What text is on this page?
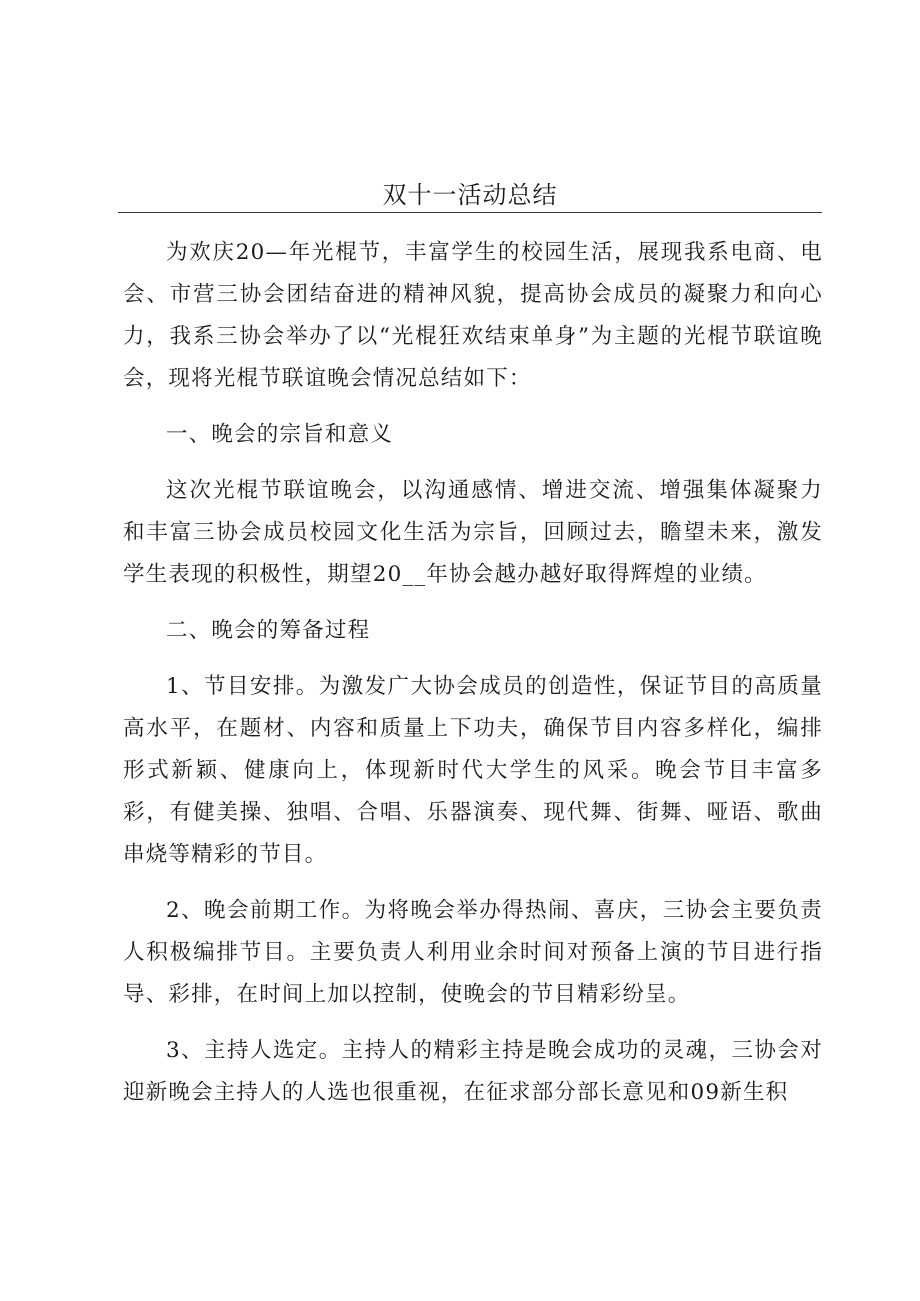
双十一活动总结

为欢庆20—年光棍节，丰富学生的校园生活，展现我系电商、电会、市营三协会团结奋进的精神风貌，提高协会成员的凝聚力和向心力，我系三协会举办了以“光棍狂欢结束单身”为主题的光棍节联谊晚会，现将光棍节联谊晚会情况总结如下：

一、晚会的宗旨和意义

这次光棍节联谊晚会，以沟通感情、增进交流、增强集体凝聚力和丰富三协会成员校园文化生活为宗旨，回顾过去，瞻望未来，激发学生表现的积极性，期望20__年协会越办越好取得辉煌的业绩。

二、晚会的筹备过程

1、节目安排。为激发广大协会成员的创造性，保证节目的高质量高水平，在题材、内容和质量上下功夫，确保节目内容多样化，编排形式新颖、健康向上，体现新时代大学生的风采。晚会节目丰富多彩，有健美操、独唱、合唱、乐器演奏、现代舞、街舞、哑语、歌曲串烧等精彩的节目。

2、晚会前期工作。为将晚会举办得热闹、喜庆，三协会主要负责人积极编排节目。主要负责人利用业余时间对预备上演的节目进行指导、彩排，在时间上加以控制，使晚会的节目精彩纷呈。

3、主持人选定。主持人的精彩主持是晚会成功的灵魂，三协会对迎新晚会主持人的人选也很重视，在征求部分部长意见和09新生积
